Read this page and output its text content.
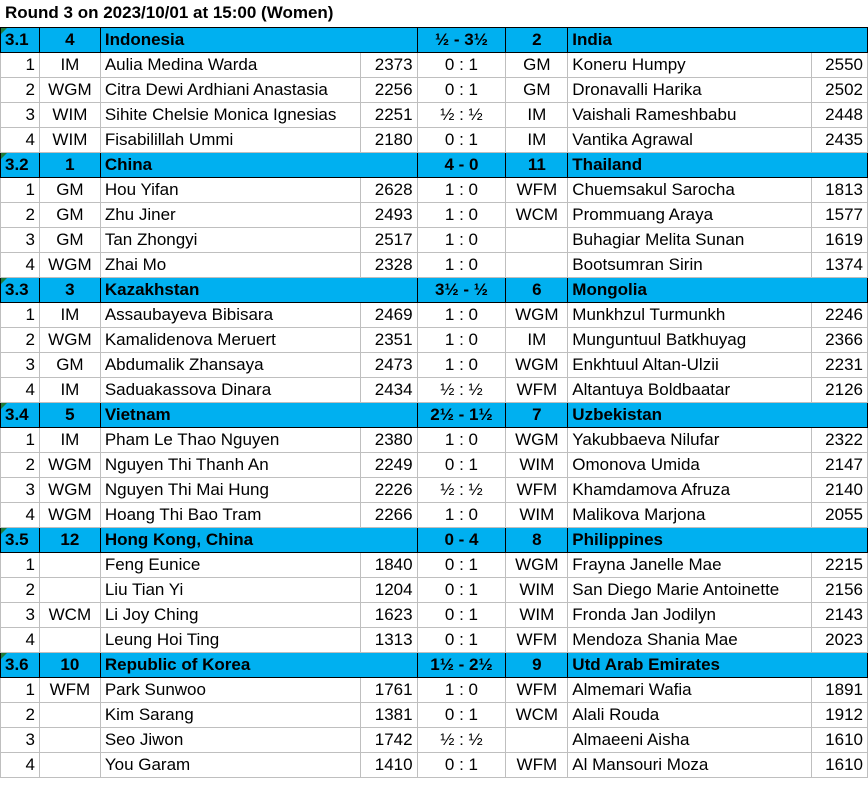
Round 3 on 2023/10/01 at 15:00 (Women)
3.1	4	Indonesia		½ - 3½	2	India	
1	IM	Aulia Medina Warda	2373	0 : 1	GM	Koneru Humpy	2550
2	WGM	Citra Dewi Ardhiani Anastasia	2256	0 : 1	GM	Dronavalli Harika	2502
3	WIM	Sihite Chelsie Monica Ignesias	2251	½ : ½	IM	Vaishali Rameshbabu	2448
4	WIM	Fisabilillah Ummi	2180	0 : 1	IM	Vantika Agrawal	2435
3.2	1	China		4 - 0	11	Thailand	
1	GM	Hou Yifan	2628	1 : 0	WFM	Chuemsakul Sarocha	1813
2	GM	Zhu Jiner	2493	1 : 0	WCM	Prommuang Araya	1577
3	GM	Tan Zhongyi	2517	1 : 0		Buhagiar Melita Sunan	1619
4	WGM	Zhai Mo	2328	1 : 0		Bootsumran Sirin	1374
3.3	3	Kazakhstan		3½ - ½	6	Mongolia	
1	IM	Assaubayeva Bibisara	2469	1 : 0	WGM	Munkhzul Turmunkh	2246
2	WGM	Kamalidenova Meruert	2351	1 : 0	IM	Munguntuul Batkhuyag	2366
3	GM	Abdumalik Zhansaya	2473	1 : 0	WGM	Enkhtuul Altan-Ulzii	2231
4	IM	Saduakassova Dinara	2434	½ : ½	WFM	Altantuya Boldbaatar	2126
3.4	5	Vietnam		2½ - 1½	7	Uzbekistan	
1	IM	Pham Le Thao Nguyen	2380	1 : 0	WGM	Yakubbaeva Nilufar	2322
2	WGM	Nguyen Thi Thanh An	2249	0 : 1	WIM	Omonova Umida	2147
3	WGM	Nguyen Thi Mai Hung	2226	½ : ½	WFM	Khamdamova Afruza	2140
4	WGM	Hoang Thi Bao Tram	2266	1 : 0	WIM	Malikova Marjona	2055
3.5	12	Hong Kong, China		0 - 4	8	Philippines	
1		Feng Eunice	1840	0 : 1	WGM	Frayna Janelle Mae	2215
2		Liu Tian Yi	1204	0 : 1	WIM	San Diego Marie Antoinette	2156
3	WCM	Li Joy Ching	1623	0 : 1	WIM	Fronda Jan Jodilyn	2143
4		Leung Hoi Ting	1313	0 : 1	WFM	Mendoza Shania Mae	2023
3.6	10	Republic of Korea		1½ - 2½	9	Utd Arab Emirates	
1	WFM	Park Sunwoo	1761	1 : 0	WFM	Almemari Wafia	1891
2		Kim Sarang	1381	0 : 1	WCM	Alali Rouda	1912
3		Seo Jiwon	1742	½ : ½		Almaeeni Aisha	1610
4		You Garam	1410	0 : 1	WFM	Al Mansouri Moza	1610
